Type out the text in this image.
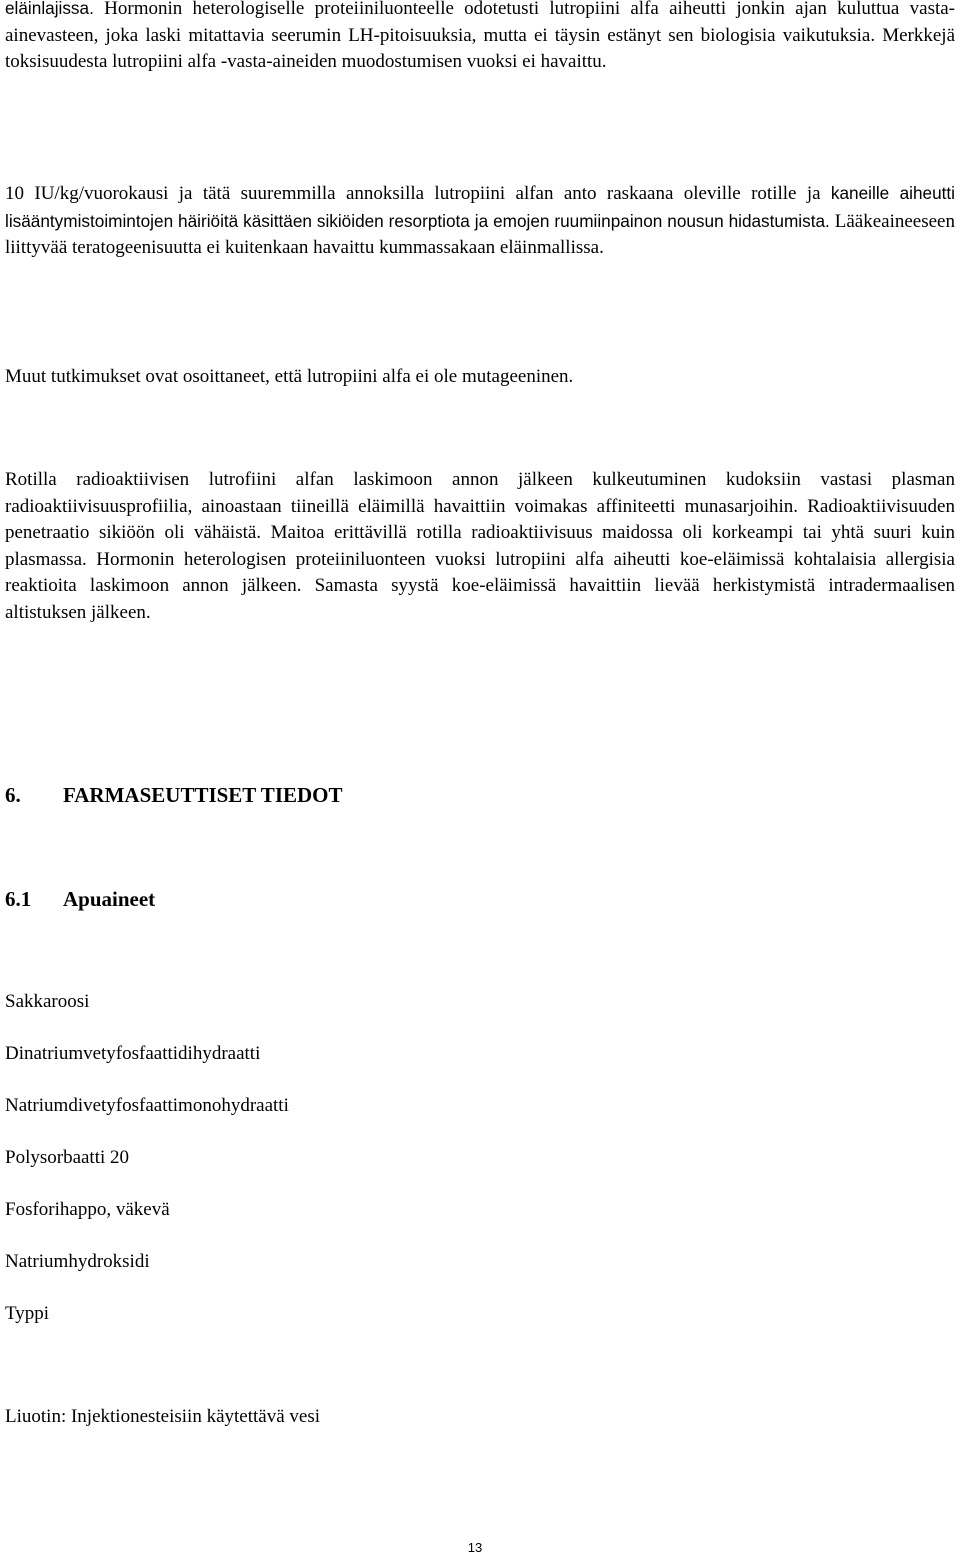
eläinlajissa. Hormonin heterologiselle proteiiniluonteelle odotetusti lutropiini alfa aiheutti jonkin ajan kuluttua vasta-ainevasteen, joka laski mitattavia seerumin LH-pitoisuuksia, mutta ei täysin estänyt sen biologisia vaikutuksia. Merkkejä toksisuudesta lutropiini alfa -vasta-aineiden muodostumisen vuoksi ei havaittu.

10 IU/kg/vuorokausi ja tätä suuremmilla annoksilla lutropiini alfan anto raskaana oleville rotille ja kaneille aiheutti lisääntymistoimintojen häiriöitä käsittäen sikiöiden resorptiota ja emojen ruumiinpainon nousun hidastumista. Lääkeaineeseen liittyvää teratogeenisuutta ei kuitenkaan havaittu kummassakaan eläinmallissa.

Muut tutkimukset ovat osoittaneet, että lutropiini alfa ei ole mutageeninen.

Rotilla radioaktiivisen lutrofiini alfan laskimoon annon jälkeen kulkeutuminen kudoksiin vastasi plasman radioaktiivisuusprofiilia, ainoastaan tiineillä eläimillä havaittiin voimakas affiniteetti munasarjoihin. Radioaktiivisuuden penetraatio sikiöön oli vähäistä. Maitoa erittävillä rotilla radioaktiivisuus maidossa oli korkeampi tai yhtä suuri kuin plasmassa. Hormonin heterologisen proteiiniluonteen vuoksi lutropiini alfa aiheutti koe-eläimissä kohtalaisia allergisia reaktioita laskimoon annon jälkeen. Samasta syystä koe-eläimissä havaittiin lievää herkistymistä intradermaalisen altistuksen jälkeen.

6. FARMASEUTTISET TIEDOT
6.1 Apuaineet

Sakkaroosi

Dinatriumvetyfosfaattidihydraatti

Natriumdivetyfosfaattimonohydraatti

Polysorbaatti 20

Fosforihappo, väkevä

Natriumhydroksidi

Typpi

Liuotin: Injektionesteisiin käytettävä vesi

13
